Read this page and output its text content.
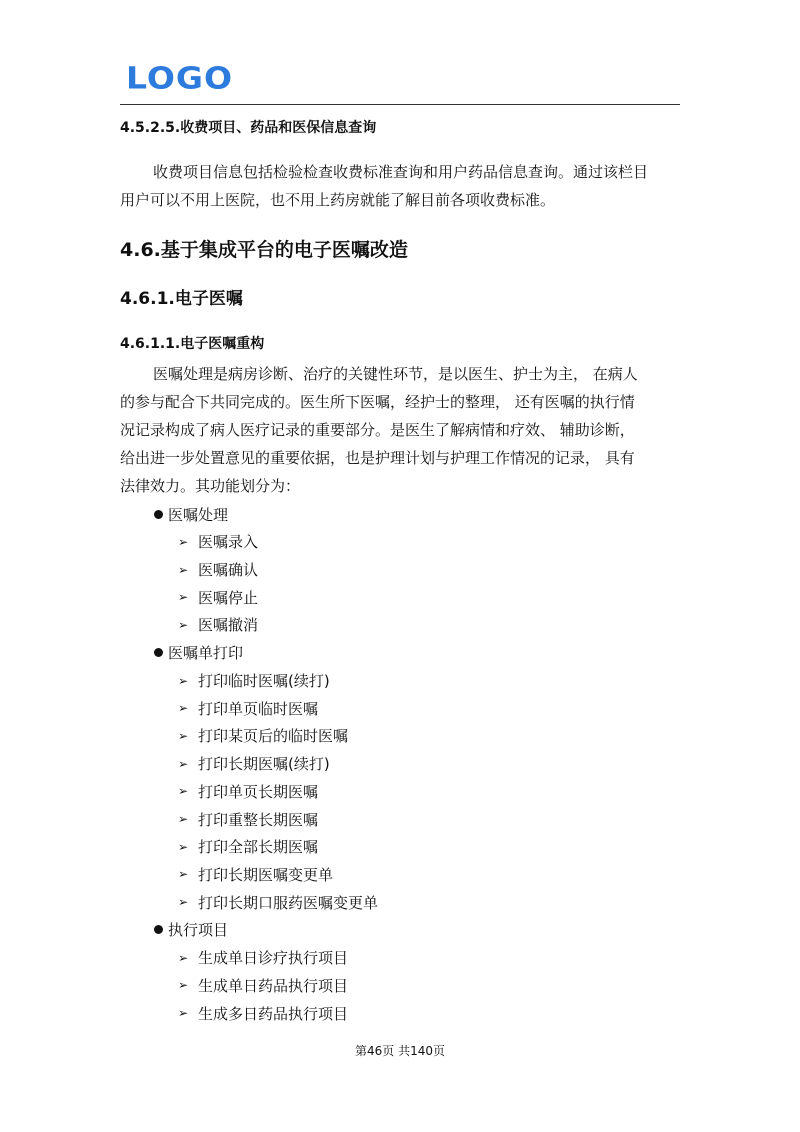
LOGO
4.5.2.5.收费项目、药品和医保信息查询
收费项目信息包括检验检查收费标准查询和用户药品信息查询。通过该栏目
用户可以不用上医院，也不用上药房就能了解目前各项收费标准。
4.6.基于集成平台的电子医嘱改造
4.6.1.电子医嘱
4.6.1.1.电子医嘱重构
医嘱处理是病房诊断、治疗的关键性环节，是以医生、护士为主， 在病人
的参与配合下共同完成的。医生所下医嘱，经护士的整理， 还有医嘱的执行情
况记录构成了病人医疗记录的重要部分。是医生了解病情和疗效、 辅助诊断，
给出进一步处置意见的重要依据，也是护理计划与护理工作情况的记录， 具有
法律效力。其功能划分为：
医嘱处理
➢ 医嘱录入
➢ 医嘱确认
➢ 医嘱停止
➢ 医嘱撤消
医嘱单打印
➢ 打印临时医嘱(续打)
➢ 打印单页临时医嘱
➢ 打印某页后的临时医嘱
➢ 打印长期医嘱(续打)
➢ 打印单页长期医嘱
➢ 打印重整长期医嘱
➢ 打印全部长期医嘱
➢ 打印长期医嘱变更单
➢ 打印长期口服药医嘱变更单
执行项目
➢ 生成单日诊疗执行项目
➢ 生成单日药品执行项目
➢ 生成多日药品执行项目
第46页 共140页
